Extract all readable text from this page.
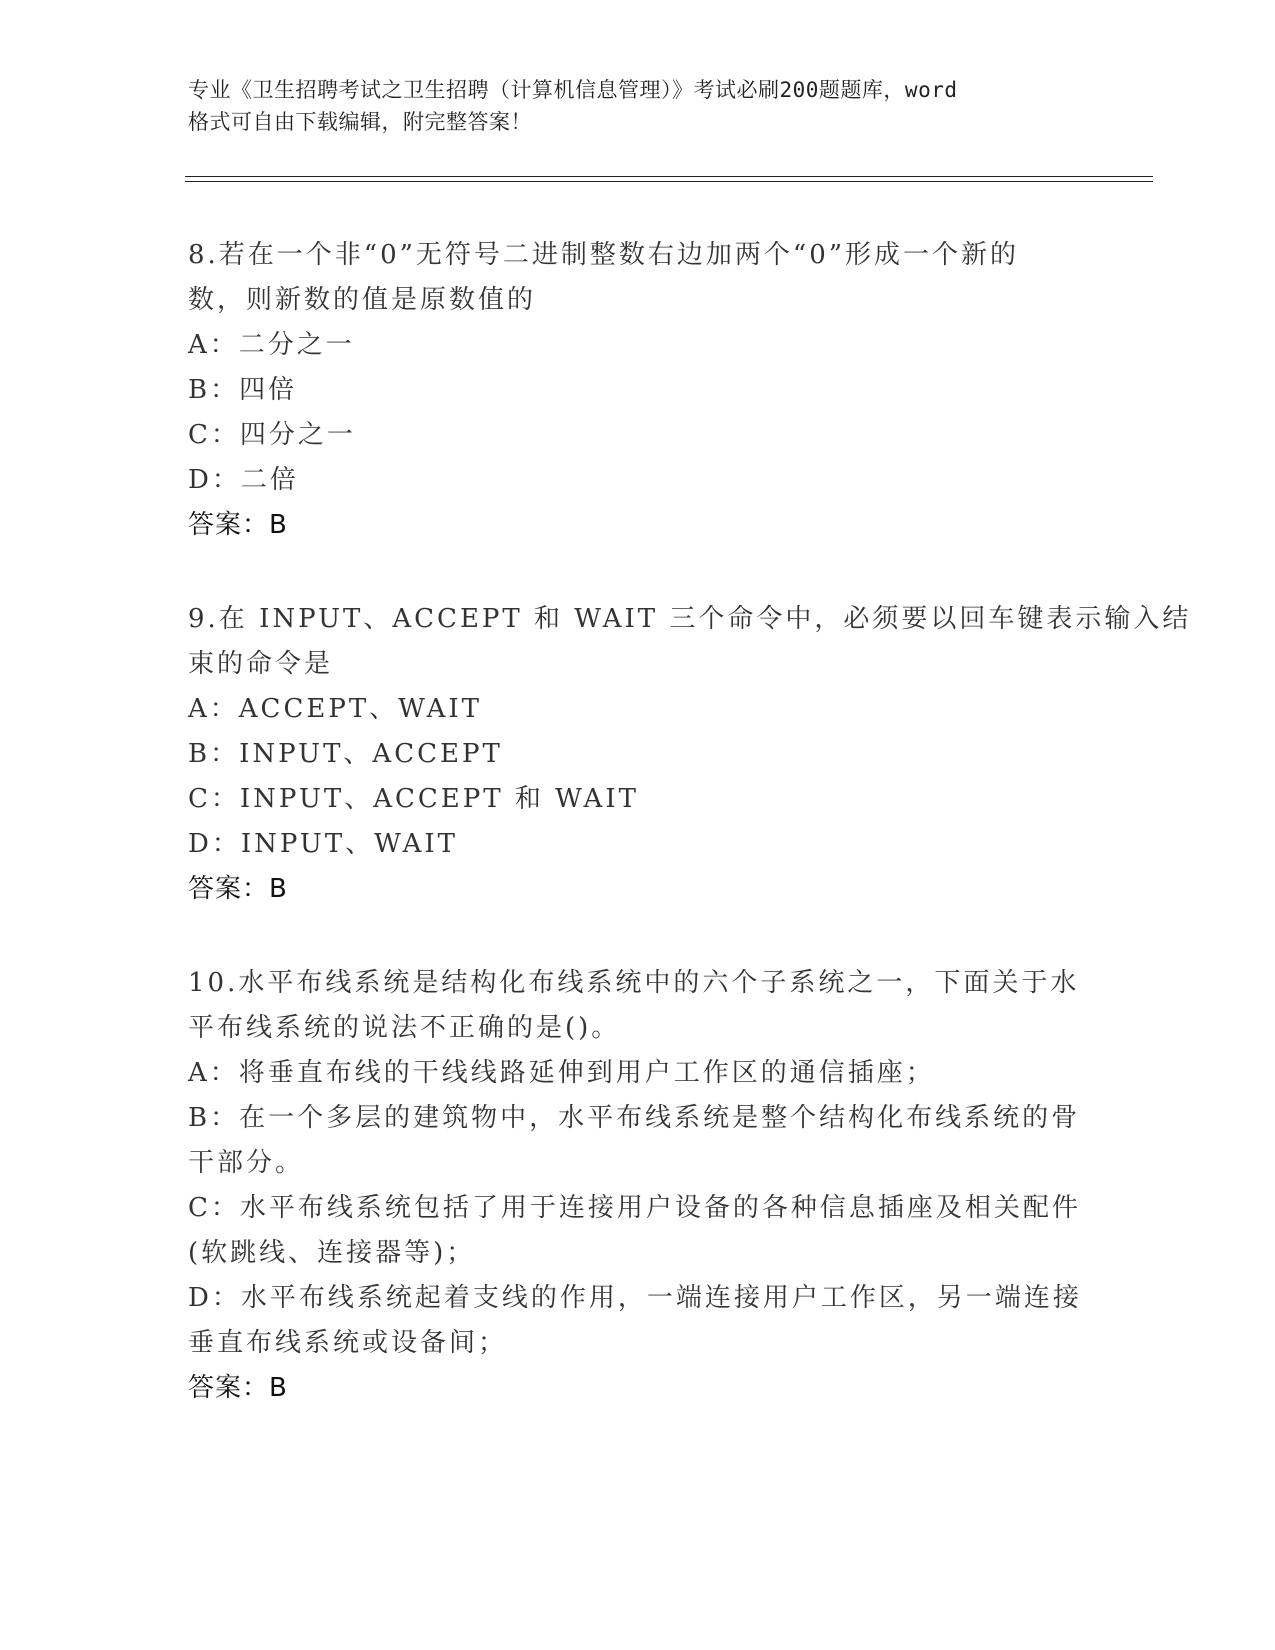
专业《卫生招聘考试之卫生招聘（计算机信息管理）》考试必刷200题题库，word
格式可自由下载编辑，附完整答案！
8.若在一个非“0”无符号二进制整数右边加两个“0”形成一个新的
数，则新数的值是原数值的
A：二分之一
B：四倍
C：四分之一
D：二倍
答案：B
9.在 INPUT、ACCEPT 和 WAIT 三个命令中，必须要以回车键表示输入结
束的命令是
A：ACCEPT、WAIT
B：INPUT、ACCEPT
C：INPUT、ACCEPT 和 WAIT
D：INPUT、WAIT
答案：B
10.水平布线系统是结构化布线系统中的六个子系统之一，下面关于水
平布线系统的说法不正确的是()。
A：将垂直布线的干线线路延伸到用户工作区的通信插座；
B：在一个多层的建筑物中，水平布线系统是整个结构化布线系统的骨
干部分。
C：水平布线系统包括了用于连接用户设备的各种信息插座及相关配件
(软跳线、连接器等)；
D：水平布线系统起着支线的作用，一端连接用户工作区，另一端连接
垂直布线系统或设备间；
答案：B
